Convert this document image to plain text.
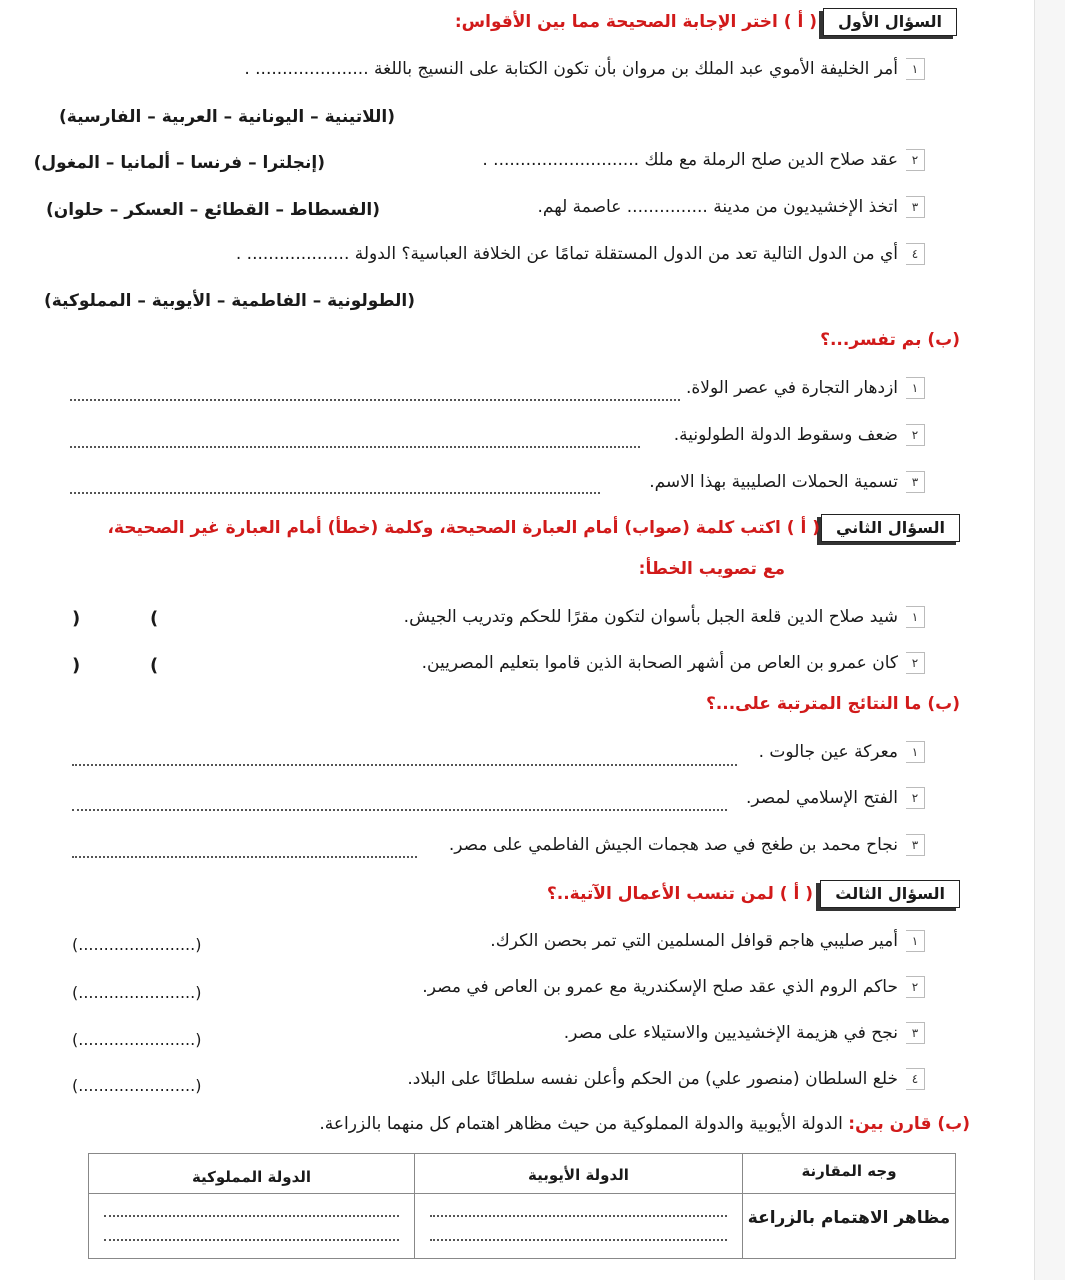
السؤال الأول
( أ ) اختر الإجابة الصحيحة مما بين الأقواس:
١
أمر الخليفة الأموي عبد الملك بن مروان بأن تكون الكتابة على النسيج باللغة ..................... .
(اللاتينية – اليونانية – العربية – الفارسية)
٢
عقد صلاح الدين صلح الرملة مع ملك ........................... .
(إنجلترا – فرنسا – ألمانيا – المغول)
٣
اتخذ الإخشيديون من مدينة ............... عاصمة لهم.
(الفسطاط – القطائع – العسكر – حلوان)
٤
أي من الدول التالية تعد من الدول المستقلة تمامًا عن الخلافة العباسية؟ الدولة ................... .
(الطولونية – الفاطمية – الأيوبية – المملوكية)
(ب) بم تفسر...؟
١
ازدهار التجارة في عصر الولاة.
٢
ضعف وسقوط الدولة الطولونية.
٣
تسمية الحملات الصليبية بهذا الاسم.
السؤال الثاني
( أ ) اكتب كلمة (صواب) أمام العبارة الصحيحة، وكلمة (خطأ) أمام العبارة غير الصحيحة،
مع تصويب الخطأ:
١
شيد صلاح الدين قلعة الجبل بأسوان لتكون مقرًا للحكم وتدريب الجيش.
)
(
٢
كان عمرو بن العاص من أشهر الصحابة الذين قاموا بتعليم المصريين.
)
(
(ب) ما النتائج المترتبة على...؟
١
معركة عين جالوت .
٢
الفتح الإسلامي لمصر.
٣
نجاح محمد بن طغج في صد هجمات الجيش الفاطمي على مصر.
السؤال الثالث
( أ ) لمن تنسب الأعمال الآتية..؟
١
أمير صليبي هاجم قوافل المسلمين التي تمر بحصن الكرك.
(.......................)
٢
حاكم الروم الذي عقد صلح الإسكندرية مع عمرو بن العاص في مصر.
(.......................)
٣
نجح في هزيمة الإخشيديين والاستيلاء على مصر.
(.......................)
٤
خلع السلطان (منصور علي) من الحكم وأعلن نفسه سلطانًا على البلاد.
(.......................)
(ب) قارن بين: الدولة الأيوبية والدولة المملوكية من حيث مظاهر اهتمام كل منهما بالزراعة.
وجه المقارنة	الدولة الأيوبية	الدولة المملوكية
مظاهر الاهتمام بالزراعة	
